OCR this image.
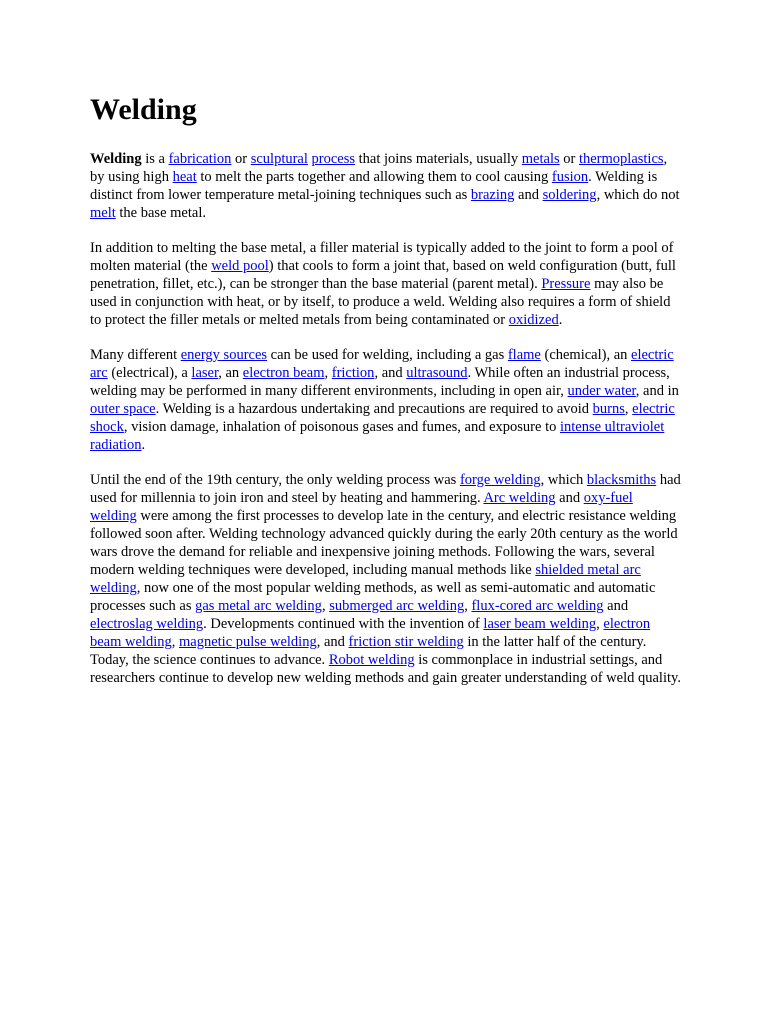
Welding

Welding is a fabrication or sculptural process that joins materials, usually metals or thermoplastics, by using high heat to melt the parts together and allowing them to cool causing fusion. Welding is distinct from lower temperature metal-joining techniques such as brazing and soldering, which do not melt the base metal.

In addition to melting the base metal, a filler material is typically added to the joint to form a pool of molten material (the weld pool) that cools to form a joint that, based on weld configuration (butt, full penetration, fillet, etc.), can be stronger than the base material (parent metal). Pressure may also be used in conjunction with heat, or by itself, to produce a weld. Welding also requires a form of shield to protect the filler metals or melted metals from being contaminated or oxidized.

Many different energy sources can be used for welding, including a gas flame (chemical), an electric arc (electrical), a laser, an electron beam, friction, and ultrasound. While often an industrial process, welding may be performed in many different environments, including in open air, under water, and in outer space. Welding is a hazardous undertaking and precautions are required to avoid burns, electric shock, vision damage, inhalation of poisonous gases and fumes, and exposure to intense ultraviolet radiation.

Until the end of the 19th century, the only welding process was forge welding, which blacksmiths had used for millennia to join iron and steel by heating and hammering. Arc welding and oxy-fuel welding were among the first processes to develop late in the century, and electric resistance welding followed soon after. Welding technology advanced quickly during the early 20th century as the world wars drove the demand for reliable and inexpensive joining methods. Following the wars, several modern welding techniques were developed, including manual methods like shielded metal arc welding, now one of the most popular welding methods, as well as semi-automatic and automatic processes such as gas metal arc welding, submerged arc welding, flux-cored arc welding and electroslag welding. Developments continued with the invention of laser beam welding, electron beam welding, magnetic pulse welding, and friction stir welding in the latter half of the century. Today, the science continues to advance. Robot welding is commonplace in industrial settings, and researchers continue to develop new welding methods and gain greater understanding of weld quality.
